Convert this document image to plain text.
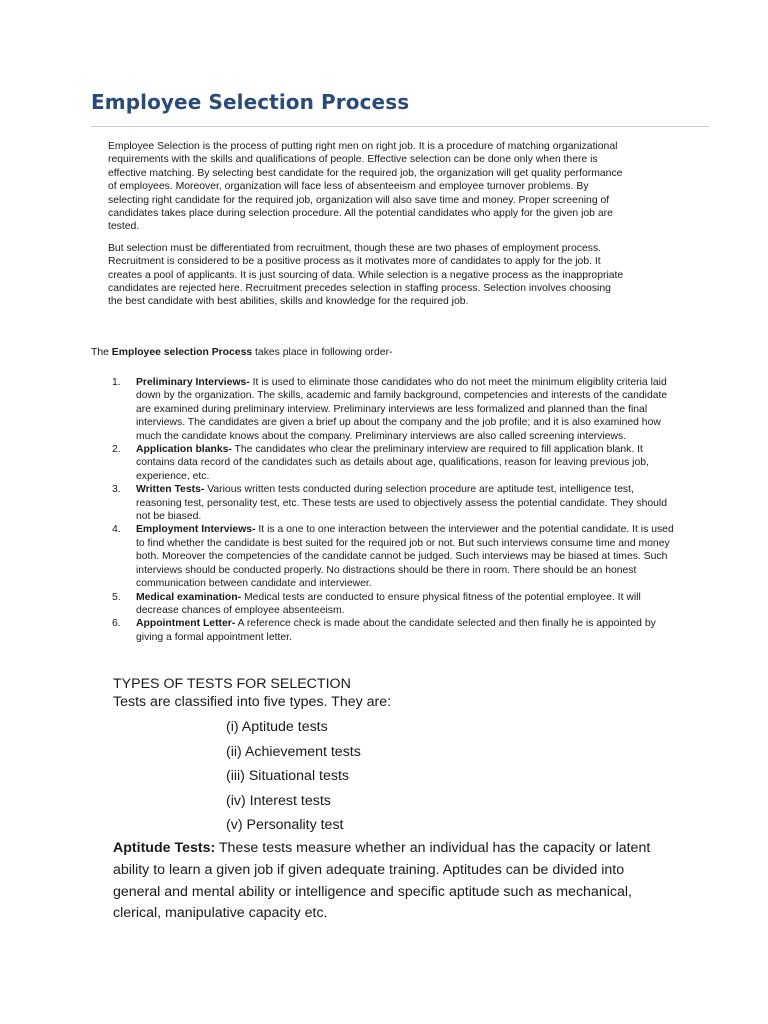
Employee Selection Process

Employee Selection is the process of putting right men on right job. It is a procedure of matching organizational requirements with the skills and qualifications of people. Effective selection can be done only when there is effective matching. By selecting best candidate for the required job, the organization will get quality performance of employees. Moreover, organization will face less of absenteeism and employee turnover problems. By selecting right candidate for the required job, organization will also save time and money. Proper screening of candidates takes place during selection procedure. All the potential candidates who apply for the given job are tested.

But selection must be differentiated from recruitment, though these are two phases of employment process. Recruitment is considered to be a positive process as it motivates more of candidates to apply for the job. It creates a pool of applicants. It is just sourcing of data. While selection is a negative process as the inappropriate candidates are rejected here. Recruitment precedes selection in staffing process. Selection involves choosing the best candidate with best abilities, skills and knowledge for the required job.

The Employee selection Process takes place in following order-

1. Preliminary Interviews- It is used to eliminate those candidates who do not meet the minimum eligiblity criteria laid down by the organization. The skills, academic and family background, competencies and interests of the candidate are examined during preliminary interview. Preliminary interviews are less formalized and planned than the final interviews. The candidates are given a brief up about the company and the job profile; and it is also examined how much the candidate knows about the company. Preliminary interviews are also called screening interviews.
2. Application blanks- The candidates who clear the preliminary interview are required to fill application blank. It contains data record of the candidates such as details about age, qualifications, reason for leaving previous job, experience, etc.
3. Written Tests- Various written tests conducted during selection procedure are aptitude test, intelligence test, reasoning test, personality test, etc. These tests are used to objectively assess the potential candidate. They should not be biased.
4. Employment Interviews- It is a one to one interaction between the interviewer and the potential candidate. It is used to find whether the candidate is best suited for the required job or not. But such interviews consume time and money both. Moreover the competencies of the candidate cannot be judged. Such interviews may be biased at times. Such interviews should be conducted properly. No distractions should be there in room. There should be an honest communication between candidate and interviewer.
5. Medical examination- Medical tests are conducted to ensure physical fitness of the potential employee. It will decrease chances of employee absenteeism.
6. Appointment Letter- A reference check is made about the candidate selected and then finally he is appointed by giving a formal appointment letter.

TYPES OF TESTS FOR SELECTION

Tests are classified into five types. They are:

(i) Aptitude tests
(ii) Achievement tests
(iii) Situational tests
(iv) Interest tests
(v) Personality test

Aptitude Tests: These tests measure whether an individual has the capacity or latent ability to learn a given job if given adequate training. Aptitudes can be divided into general and mental ability or intelligence and specific aptitude such as mechanical, clerical, manipulative capacity etc.
